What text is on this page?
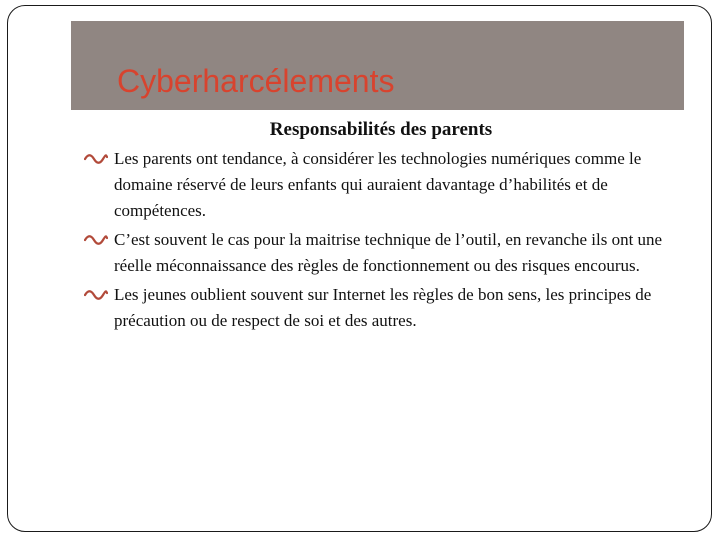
Cyberharcélements
Responsabilités des parents
Les parents ont tendance, à considérer les technologies numériques comme le domaine réservé de leurs enfants qui auraient davantage d’habilités et de compétences.
C’est souvent le cas pour la maitrise technique de l’outil, en revanche ils ont une réelle méconnaissance des règles de fonctionnement ou des risques encourus.
Les jeunes oublient souvent sur Internet les règles de bon sens, les principes de précaution ou de respect de soi et des autres.
